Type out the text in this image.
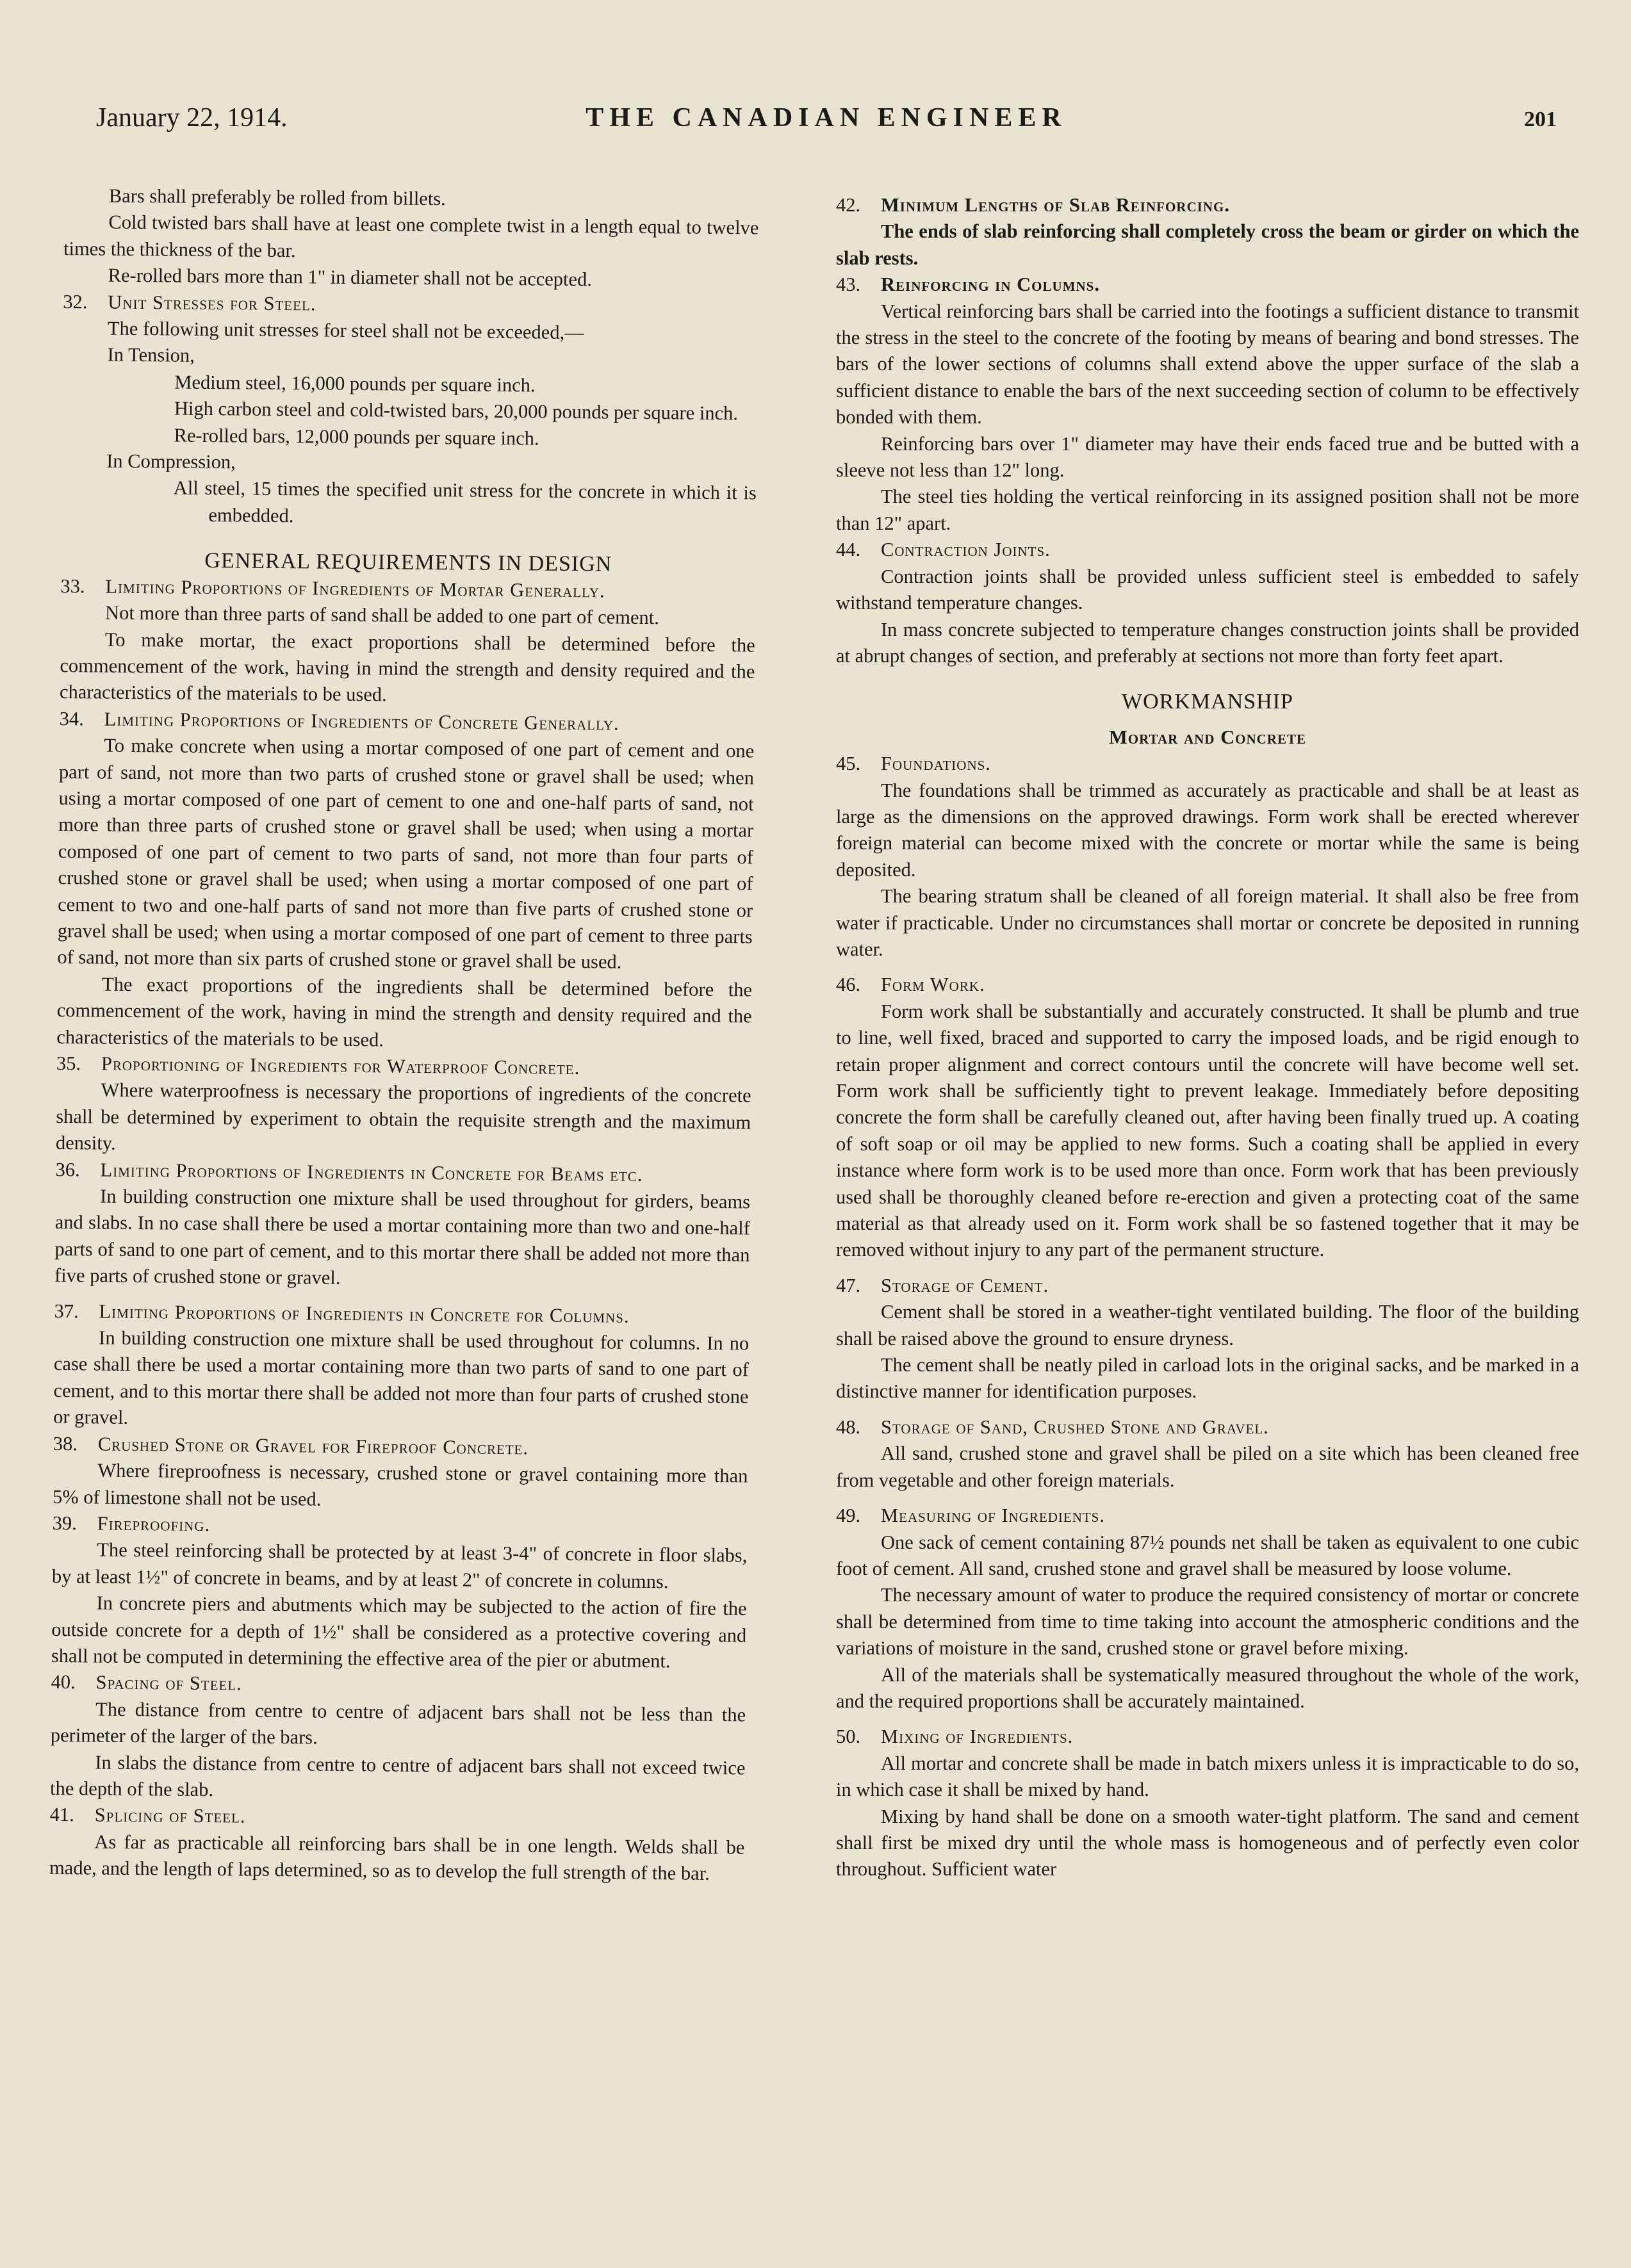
January 22, 1914.	THE CANADIAN ENGINEER	201

Bars shall preferably be rolled from billets.

Cold twisted bars shall have at least one complete twist in a length equal to twelve times the thickness of the bar.

Re-rolled bars more than 1" in diameter shall not be accepted.

32. Unit Stresses for Steel.

The following unit stresses for steel shall not be exceeded,—

In Tension,

Medium steel, 16,000 pounds per square inch.

High carbon steel and cold-twisted bars, 20,000 pounds per square inch.

Re-rolled bars, 12,000 pounds per square inch.

In Compression,

All steel, 15 times the specified unit stress for the concrete in which it is embedded.

GENERAL REQUIREMENTS IN DESIGN

33. Limiting Proportions of Ingredients of Mortar Generally.

Not more than three parts of sand shall be added to one part of cement.

To make mortar, the exact proportions shall be determined before the commencement of the work, having in mind the strength and density required and the characteristics of the materials to be used.

34. Limiting Proportions of Ingredients of Concrete Generally.

To make concrete when using a mortar composed of one part of cement and one part of sand, not more than two parts of crushed stone or gravel shall be used; when using a mortar composed of one part of cement to one and one-half parts of sand, not more than three parts of crushed stone or gravel shall be used; when using a mortar composed of one part of cement to two parts of sand, not more than four parts of crushed stone or gravel shall be used; when using a mortar composed of one part of cement to two and one-half parts of sand not more than five parts of crushed stone or gravel shall be used; when using a mortar composed of one part of cement to three parts of sand, not more than six parts of crushed stone or gravel shall be used.

The exact proportions of the ingredients shall be determined before the commencement of the work, having in mind the strength and density required and the characteristics of the materials to be used.

35. Proportioning of Ingredients for Waterproof Concrete.

Where waterproofness is necessary the proportions of ingredients of the concrete shall be determined by experiment to obtain the requisite strength and the maximum density.

36. Limiting Proportions of Ingredients in Concrete for Beams etc.

In building construction one mixture shall be used throughout for girders, beams and slabs. In no case shall there be used a mortar containing more than two and one-half parts of sand to one part of cement, and to this mortar there shall be added not more than five parts of crushed stone or gravel.

37. Limiting Proportions of Ingredients in Concrete for Columns.

In building construction one mixture shall be used throughout for columns. In no case shall there be used a mortar containing more than two parts of sand to one part of cement, and to this mortar there shall be added not more than four parts of crushed stone or gravel.

38. Crushed Stone or Gravel for Fireproof Concrete.

Where fireproofness is necessary, crushed stone or gravel containing more than 5% of limestone shall not be used.

39. Fireproofing.

The steel reinforcing shall be protected by at least 3-4" of concrete in floor slabs, by at least 1½" of concrete in beams, and by at least 2" of concrete in columns.

In concrete piers and abutments which may be subjected to the action of fire the outside concrete for a depth of 1½" shall be considered as a protective covering and shall not be computed in determining the effective area of the pier or abutment.

40. Spacing of Steel.

The distance from centre to centre of adjacent bars shall not be less than the perimeter of the larger of the bars.

In slabs the distance from centre to centre of adjacent bars shall not exceed twice the depth of the slab.

41. Splicing of Steel.

As far as practicable all reinforcing bars shall be in one length. Welds shall be made, and the length of laps determined, so as to develop the full strength of the bar.

42. Minimum Lengths of Slab Reinforcing.

The ends of slab reinforcing shall completely cross the beam or girder on which the slab rests.

43. Reinforcing in Columns.

Vertical reinforcing bars shall be carried into the footings a sufficient distance to transmit the stress in the steel to the concrete of the footing by means of bearing and bond stresses. The bars of the lower sections of columns shall extend above the upper surface of the slab a sufficient distance to enable the bars of the next succeeding section of column to be effectively bonded with them.

Reinforcing bars over 1" diameter may have their ends faced true and be butted with a sleeve not less than 12" long.

The steel ties holding the vertical reinforcing in its assigned position shall not be more than 12" apart.

44. Contraction Joints.

Contraction joints shall be provided unless sufficient steel is embedded to safely withstand temperature changes.

In mass concrete subjected to temperature changes construction joints shall be provided at abrupt changes of section, and preferably at sections not more than forty feet apart.

WORKMANSHIP

Mortar and Concrete

45. Foundations.

The foundations shall be trimmed as accurately as practicable and shall be at least as large as the dimensions on the approved drawings. Form work shall be erected wherever foreign material can become mixed with the concrete or mortar while the same is being deposited.

The bearing stratum shall be cleaned of all foreign material. It shall also be free from water if practicable. Under no circumstances shall mortar or concrete be deposited in running water.

46. Form Work.

Form work shall be substantially and accurately constructed. It shall be plumb and true to line, well fixed, braced and supported to carry the imposed loads, and be rigid enough to retain proper alignment and correct contours until the concrete will have become well set. Form work shall be sufficiently tight to prevent leakage. Immediately before depositing concrete the form shall be carefully cleaned out, after having been finally trued up. A coating of soft soap or oil may be applied to new forms. Such a coating shall be applied in every instance where form work is to be used more than once. Form work that has been previously used shall be thoroughly cleaned before re-erection and given a protecting coat of the same material as that already used on it. Form work shall be so fastened together that it may be removed without injury to any part of the permanent structure.

47. Storage of Cement.

Cement shall be stored in a weather-tight ventilated building. The floor of the building shall be raised above the ground to ensure dryness.

The cement shall be neatly piled in carload lots in the original sacks, and be marked in a distinctive manner for identification purposes.

48. Storage of Sand, Crushed Stone and Gravel.

All sand, crushed stone and gravel shall be piled on a site which has been cleaned free from vegetable and other foreign materials.

49. Measuring of Ingredients.

One sack of cement containing 87½ pounds net shall be taken as equivalent to one cubic foot of cement. All sand, crushed stone and gravel shall be measured by loose volume.

The necessary amount of water to produce the required consistency of mortar or concrete shall be determined from time to time taking into account the atmospheric conditions and the variations of moisture in the sand, crushed stone or gravel before mixing.

All of the materials shall be systematically measured throughout the whole of the work, and the required proportions shall be accurately maintained.

50. Mixing of Ingredients.

All mortar and concrete shall be made in batch mixers unless it is impracticable to do so, in which case it shall be mixed by hand.

Mixing by hand shall be done on a smooth water-tight platform. The sand and cement shall first be mixed dry until the whole mass is homogeneous and of perfectly even color throughout. Sufficient water
